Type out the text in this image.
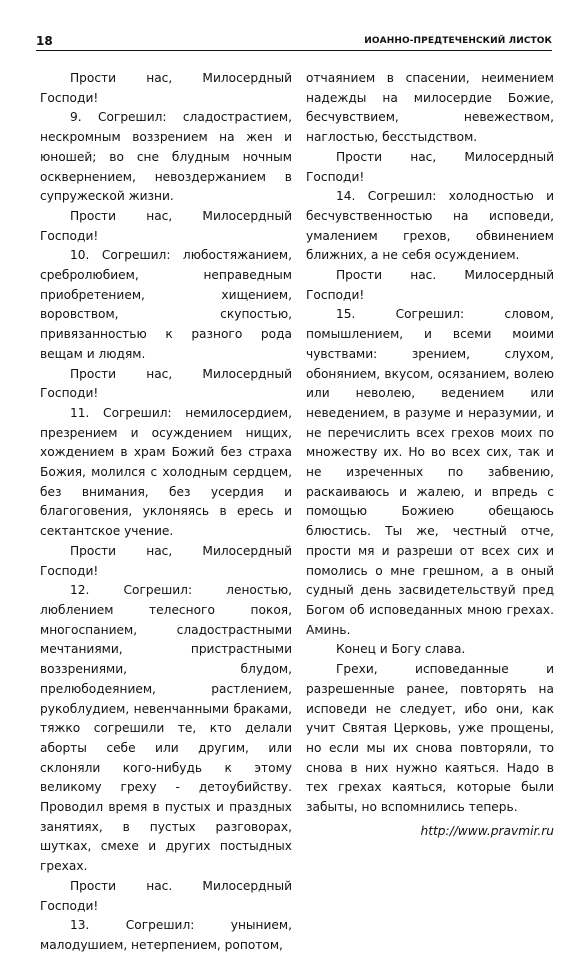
18	ИОАННО-ПРЕДТЕЧЕНСКИЙ ЛИСТОК

Прости нас, Милосердный Господи!

9. Согрешил: сладострастием, нескромным воззрением на жен и юношей; во сне блудным ночным осквернением, невоздержанием в супружеской жизни.

Прости нас, Милосердный Господи!

10. Согрешил: любостяжанием, сребролюбием, неправедным приобретением, хищением, воровством, скупостью, привязанностью к разного рода вещам и людям.

Прости нас, Милосердный Господи!

11. Согрешил: немилосердием, презрением и осуждением нищих, хождением в храм Божий без страха Божия, молился с холодным сердцем, без внимания, без усердия и благоговения, уклоняясь в ересь и сектантское учение.

Прости нас, Милосердный Господи!

12. Согрешил: леностью, люблением телесного покоя, многоспанием, сладострастными мечтаниями, пристрастными воззрениями, блудом, прелюбодеянием, растлением, рукоблудием, невенчанными браками, тяжко согрешили те, кто делали аборты себе или другим, или склоняли кого-нибудь к этому великому греху - детоубийству. Проводил время в пустых и праздных занятиях, в пустых разговорах, шутках, смехе и других постыдных грехах.

Прости нас. Милосердный Господи!

13. Согрешил: унынием, малодушием, нетерпением, ропотом,

отчаянием в спасении, неимением надежды на милосердие Божие, бесчувствием, невежеством, наглостью, бесстыдством.

Прости нас, Милосердный Господи!

14. Согрешил: холодностью и бесчувственностью на исповеди, умалением грехов, обвинением ближних, а не себя осуждением.

Прости нас. Милосердный Господи!

15. Согрешил: словом, помышлением, и всеми моими чувствами: зрением, слухом, обонянием, вкусом, осязанием, волею или неволею, ведением или неведением, в разуме и неразумии, и не перечислить всех грехов моих по множеству их. Но во всех сих, так и не изреченных по забвению, раскаиваюсь и жалею, и впредь с помощью Божиею обещаюсь блюстись. Ты же, честный отче, прости мя и разреши от всех сих и помолись о мне грешном, а в оный судный день засвидетельствуй пред Богом об исповеданных мною грехах. Аминь.

Конец и Богу слава.

Грехи, исповеданные и разрешенные ранее, повторять на исповеди не следует, ибо они, как учит Святая Церковь, уже прощены, но если мы их снова повторяли, то снова в них нужно каяться. Надо в тех грехах каяться, которые были забыты, но вспомнились теперь.

http://www.pravmir.ru
